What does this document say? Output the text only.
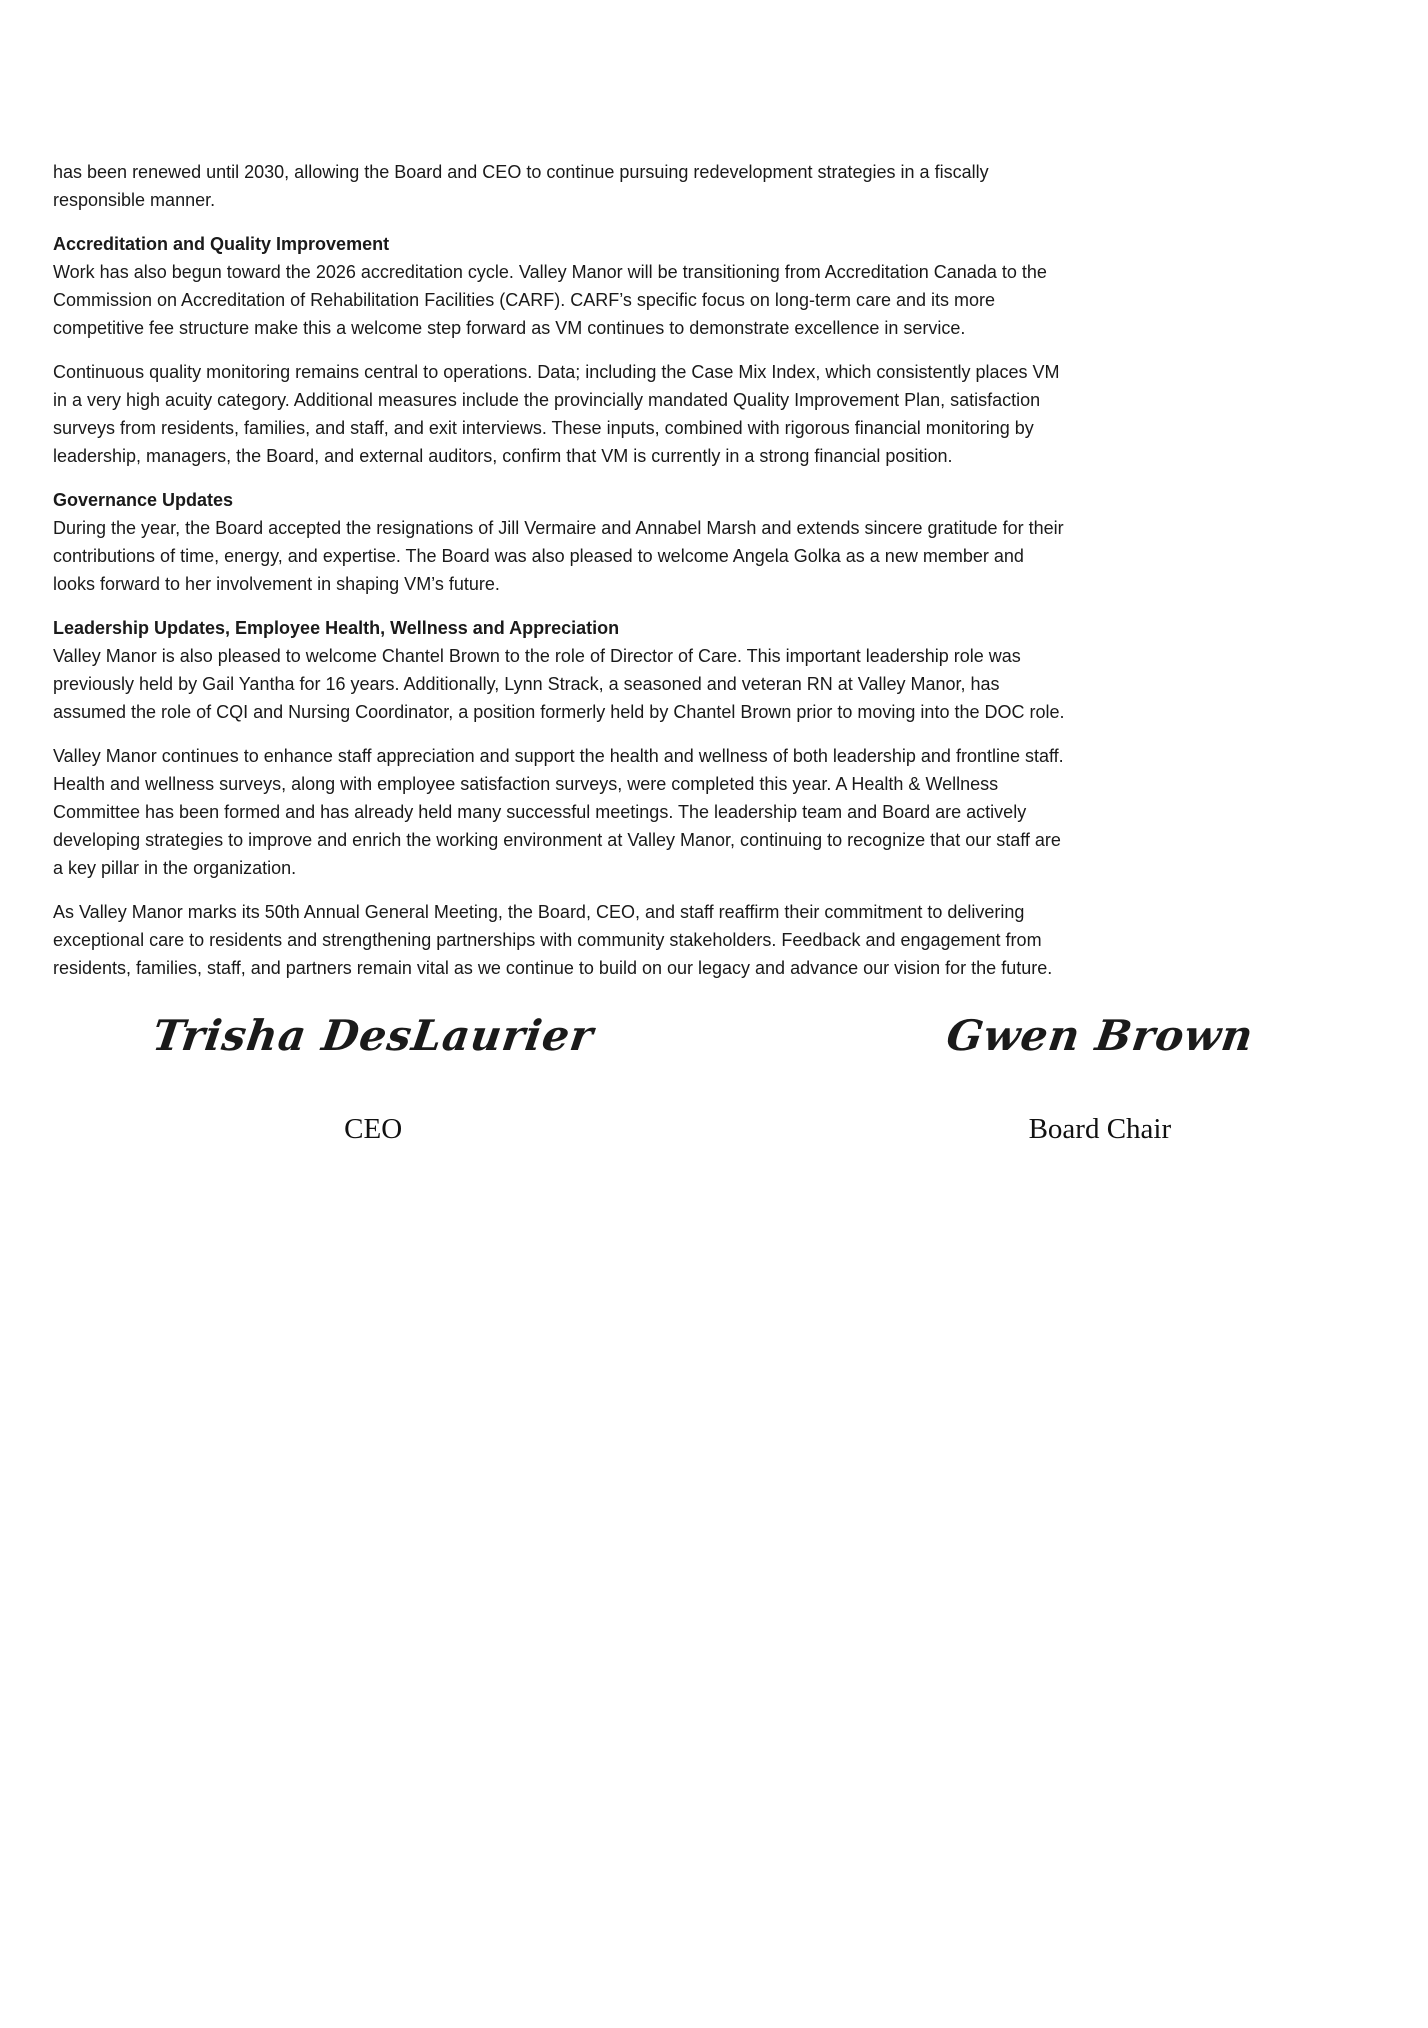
has been renewed until 2030, allowing the Board and CEO to continue pursuing redevelopment strategies in a fiscally responsible manner.

Accreditation and Quality Improvement

Work has also begun toward the 2026 accreditation cycle. Valley Manor will be transitioning from Accreditation Canada to the Commission on Accreditation of Rehabilitation Facilities (CARF). CARF’s specific focus on long-term care and its more competitive fee structure make this a welcome step forward as VM continues to demonstrate excellence in service.

Continuous quality monitoring remains central to operations. Data; including the Case Mix Index, which consistently places VM in a very high acuity category. Additional measures include the provincially mandated Quality Improvement Plan, satisfaction surveys from residents, families, and staff, and exit interviews. These inputs, combined with rigorous financial monitoring by leadership, managers, the Board, and external auditors, confirm that VM is currently in a strong financial position.

Governance Updates

During the year, the Board accepted the resignations of Jill Vermaire and Annabel Marsh and extends sincere gratitude for their contributions of time, energy, and expertise. The Board was also pleased to welcome Angela Golka as a new member and looks forward to her involvement in shaping VM’s future.

Leadership Updates, Employee Health, Wellness and Appreciation

Valley Manor is also pleased to welcome Chantel Brown to the role of Director of Care. This important leadership role was previously held by Gail Yantha for 16 years. Additionally, Lynn Strack, a seasoned and veteran RN at Valley Manor, has assumed the role of CQI and Nursing Coordinator, a position formerly held by Chantel Brown prior to moving into the DOC role.

Valley Manor continues to enhance staff appreciation and support the health and wellness of both leadership and frontline staff. Health and wellness surveys, along with employee satisfaction surveys, were completed this year. A Health & Wellness Committee has been formed and has already held many successful meetings. The leadership team and Board are actively developing strategies to improve and enrich the working environment at Valley Manor, continuing to recognize that our staff are a key pillar in the organization.

As Valley Manor marks its 50th Annual General Meeting, the Board, CEO, and staff reaffirm their commitment to delivering exceptional care to residents and strengthening partnerships with community stakeholders. Feedback and engagement from residents, families, staff, and partners remain vital as we continue to build on our legacy and advance our vision for the future.

Trisha DesLaurier
CEO
Gwen Brown
Board Chair
